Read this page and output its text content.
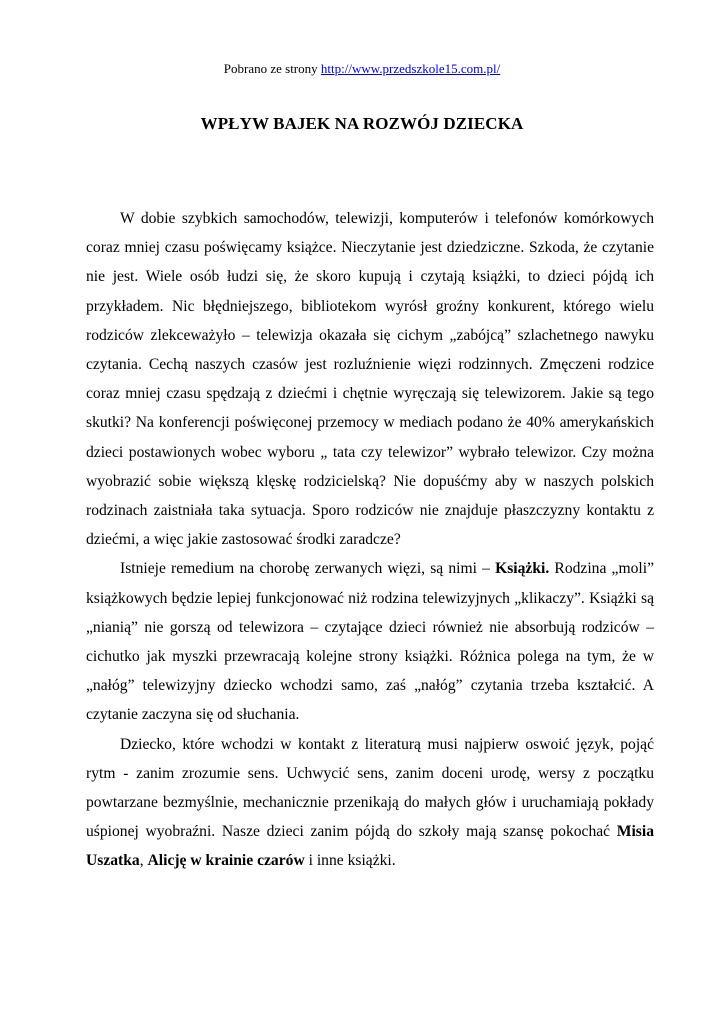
Pobrano ze strony http://www.przedszkole15.com.pl/
WPŁYW BAJEK NA ROZWÓJ DZIECKA

W dobie szybkich samochodów, telewizji, komputerów i telefonów komórkowych coraz mniej czasu poświęcamy książce. Nieczytanie jest dziedziczne. Szkoda, że czytanie nie jest. Wiele osób łudzi się, że skoro kupują i czytają książki, to dzieci pójdą ich przykładem. Nic błędniejszego, bibliotekom wyrósł groźny konkurent, którego wielu rodziców zlekceważyło – telewizja okazała się cichym „zabójcą” szlachetnego nawyku czytania. Cechą naszych czasów jest rozluźnienie więzi rodzinnych. Zmęczeni rodzice coraz mniej czasu spędzają z dziećmi i chętnie wyręczają się telewizorem. Jakie są tego skutki? Na konferencji poświęconej przemocy w mediach podano że 40% amerykańskich dzieci postawionych wobec wyboru „ tata czy telewizor” wybrało telewizor. Czy można wyobrazić sobie większą klęskę rodzicielską? Nie dopuśćmy aby w naszych polskich rodzinach zaistniała taka sytuacja. Sporo rodziców nie znajduje płaszczyzny kontaktu z dziećmi, a więc jakie zastosować środki zaradcze?

Istnieje remedium na chorobę zerwanych więzi, są nimi – Książki. Rodzina „moli” książkowych będzie lepiej funkcjonować niż rodzina telewizyjnych „klikaczy”. Książki są „nianią” nie gorszą od telewizora – czytające dzieci również nie absorbują rodziców – cichutko jak myszki przewracają kolejne strony książki. Różnica polega na tym, że w „nałóg” telewizyjny dziecko wchodzi samo, zaś „nałóg” czytania trzeba kształcić. A czytanie zaczyna się od słuchania.

Dziecko, które wchodzi w kontakt z literaturą musi najpierw oswoić język, pojąć rytm - zanim zrozumie sens. Uchwycić sens, zanim doceni urodę, wersy z początku powtarzane bezmyślnie, mechanicznie przenikają do małych głów i uruchamiają pokłady uśpionej wyobraźni. Nasze dzieci zanim pójdą do szkoły mają szansę pokochać Misia Uszatka, Alicję w krainie czarów i inne książki.
